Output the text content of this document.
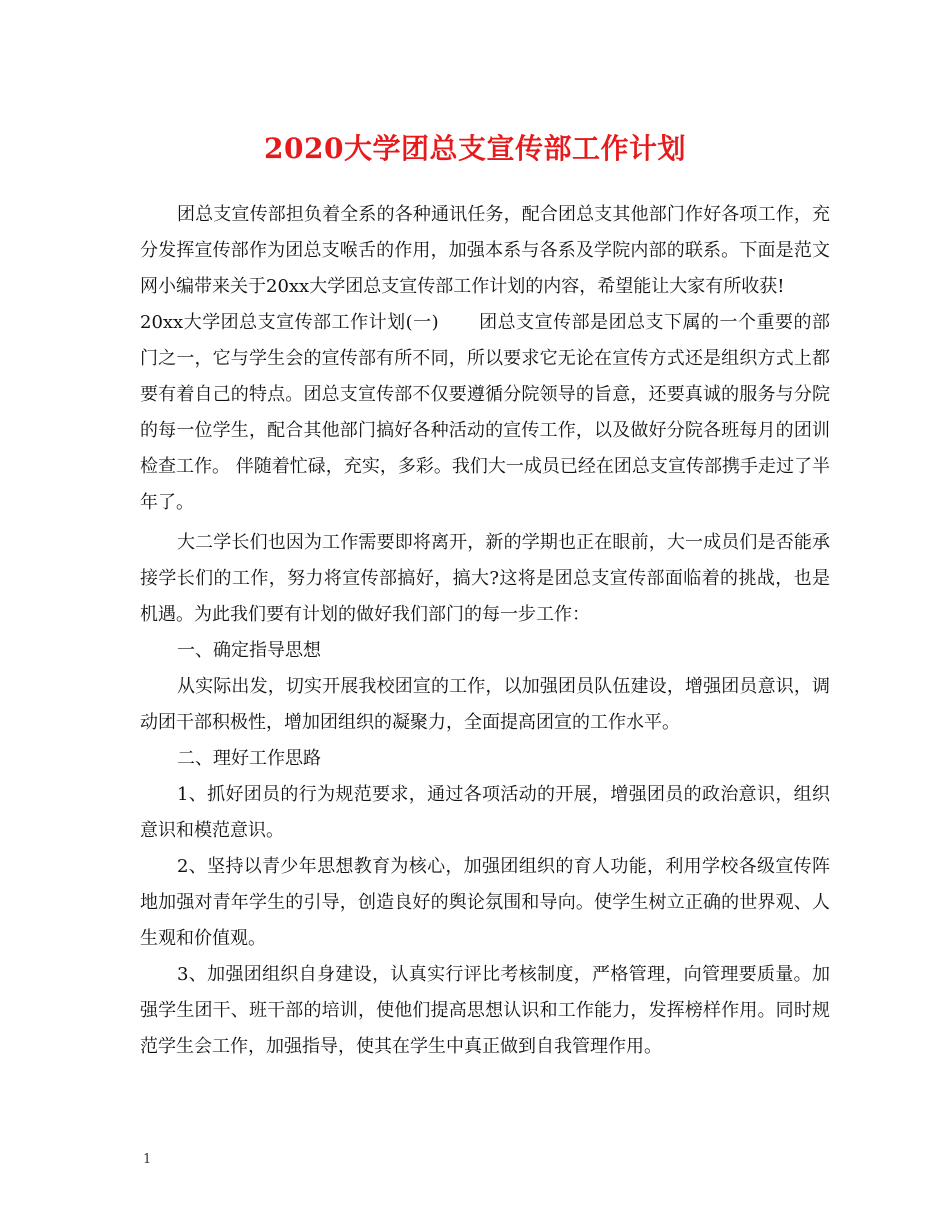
2020大学团总支宣传部工作计划

团总支宣传部担负着全系的各种通讯任务，配合团总支其他部门作好各项工作，充分发挥宣传部作为团总支喉舌的作用，加强本系与各系及学院内部的联系。下面是范文网小编带来关于20xx大学团总支宣传部工作计划的内容，希望能让大家有所收获!

20xx大学团总支宣传部工作计划(一) 团总支宣传部是团总支下属的一个重要的部门之一，它与学生会的宣传部有所不同，所以要求它无论在宣传方式还是组织方式上都要有着自己的特点。团总支宣传部不仅要遵循分院领导的旨意，还要真诚的服务与分院的每一位学生，配合其他部门搞好各种活动的宣传工作，以及做好分院各班每月的团训检查工作。 伴随着忙碌，充实，多彩。我们大一成员已经在团总支宣传部携手走过了半年了。

大二学长们也因为工作需要即将离开，新的学期也正在眼前，大一成员们是否能承接学长们的工作，努力将宣传部搞好，搞大?这将是团总支宣传部面临着的挑战，也是机遇。为此我们要有计划的做好我们部门的每一步工作：

一、确定指导思想

从实际出发，切实开展我校团宣的工作，以加强团员队伍建设，增强团员意识，调动团干部积极性，增加团组织的凝聚力，全面提高团宣的工作水平。

二、理好工作思路

1、抓好团员的行为规范要求，通过各项活动的开展，增强团员的政治意识，组织意识和模范意识。

2、坚持以青少年思想教育为核心，加强团组织的育人功能，利用学校各级宣传阵地加强对青年学生的引导，创造良好的舆论氛围和导向。使学生树立正确的世界观、人生观和价值观。

3、加强团组织自身建设，认真实行评比考核制度，严格管理，向管理要质量。加强学生团干、班干部的培训，使他们提高思想认识和工作能力，发挥榜样作用。同时规范学生会工作，加强指导，使其在学生中真正做到自我管理作用。

1
